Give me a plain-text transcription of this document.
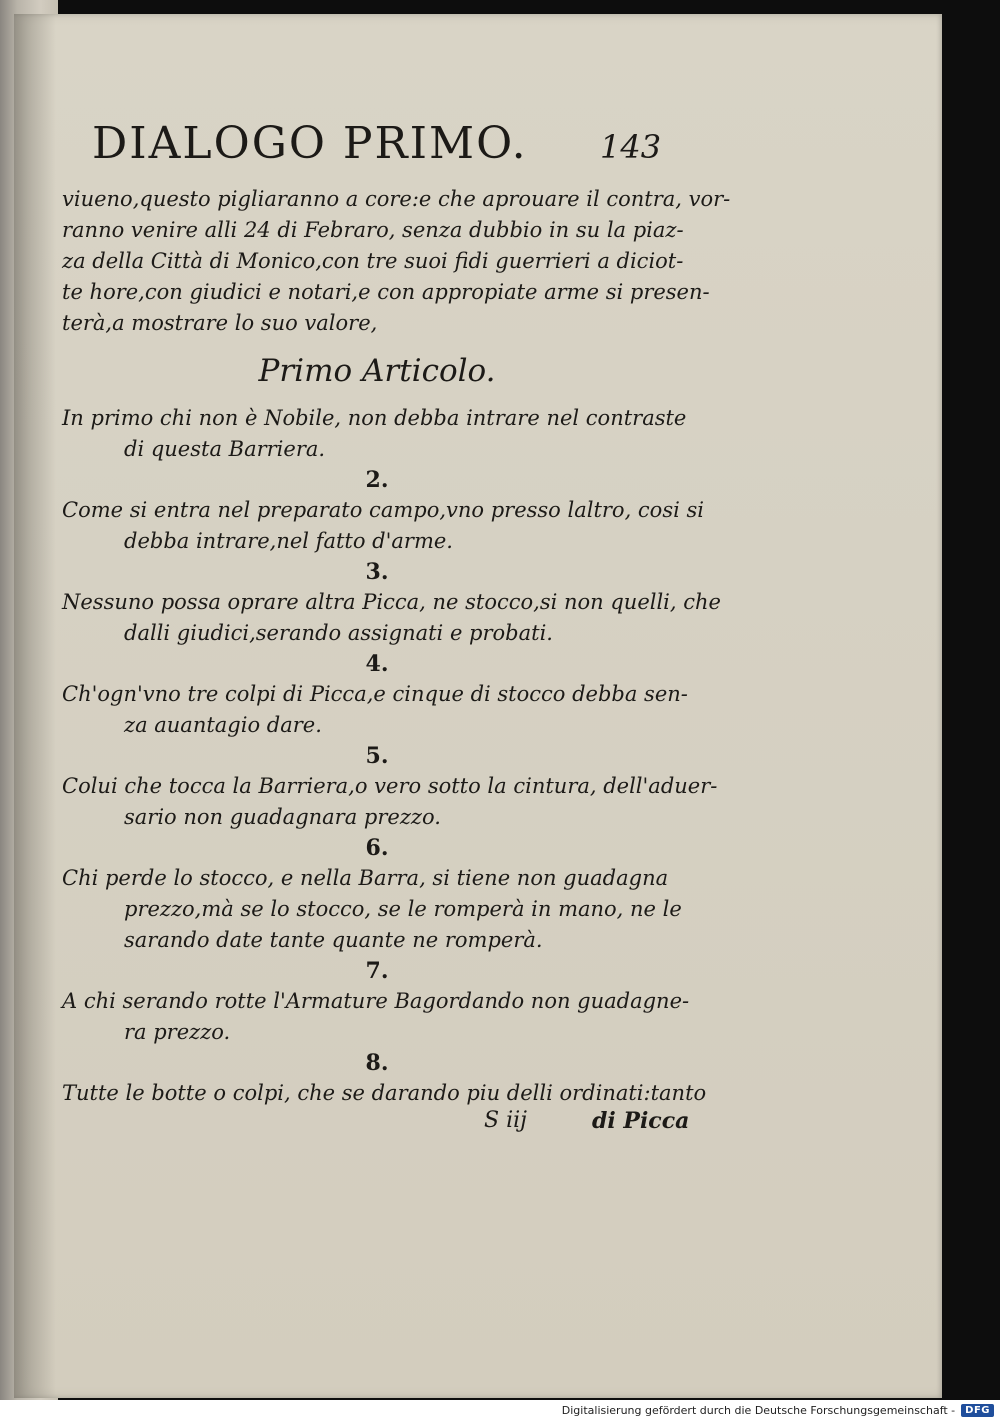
DIALOGO PRIMO.	143
viueno,questo pigliaranno a core:e che aprouare il contra, vor-
ranno venire alli 24 di Febraro, senza dubbio in su la piaz-
za della Città di Monico,con tre suoi fidi guerrieri a diciot-
te hore,con giudici e notari,e con appropiate arme si presen-
terà,a mostrare lo suo valore,
Primo Articolo.
In primo chi non è Nobile, non debba intrare nel contraste
di questa Barriera.
2.
Come si entra nel preparato campo,vno presso laltro, cosi si
debba intrare,nel fatto d'arme.
3.
Nessuno possa oprare altra Picca, ne stocco,si non quelli, che
dalli giudici,serando assignati e probati.
4.
Ch'ogn'vno tre colpi di Picca,e cinque di stocco debba sen-
za auantagio dare.
5.
Colui che tocca la Barriera,o vero sotto la cintura, dell'aduer-
sario non guadagnara prezzo.
6.
Chi perde lo stocco, e nella Barra, si tiene non guadagna
prezzo,mà se lo stocco, se le romperà in mano, ne le
sarando date tante quante ne romperà.
7.
A chi serando rotte l'Armature Bagordando non guadagne-
ra prezzo.
8.
Tutte le botte o colpi, che se darando piu delli ordinati:tanto
S iij	di Picca
Digitalisierung gefördert durch die Deutsche Forschungsgemeinschaft - DFG
